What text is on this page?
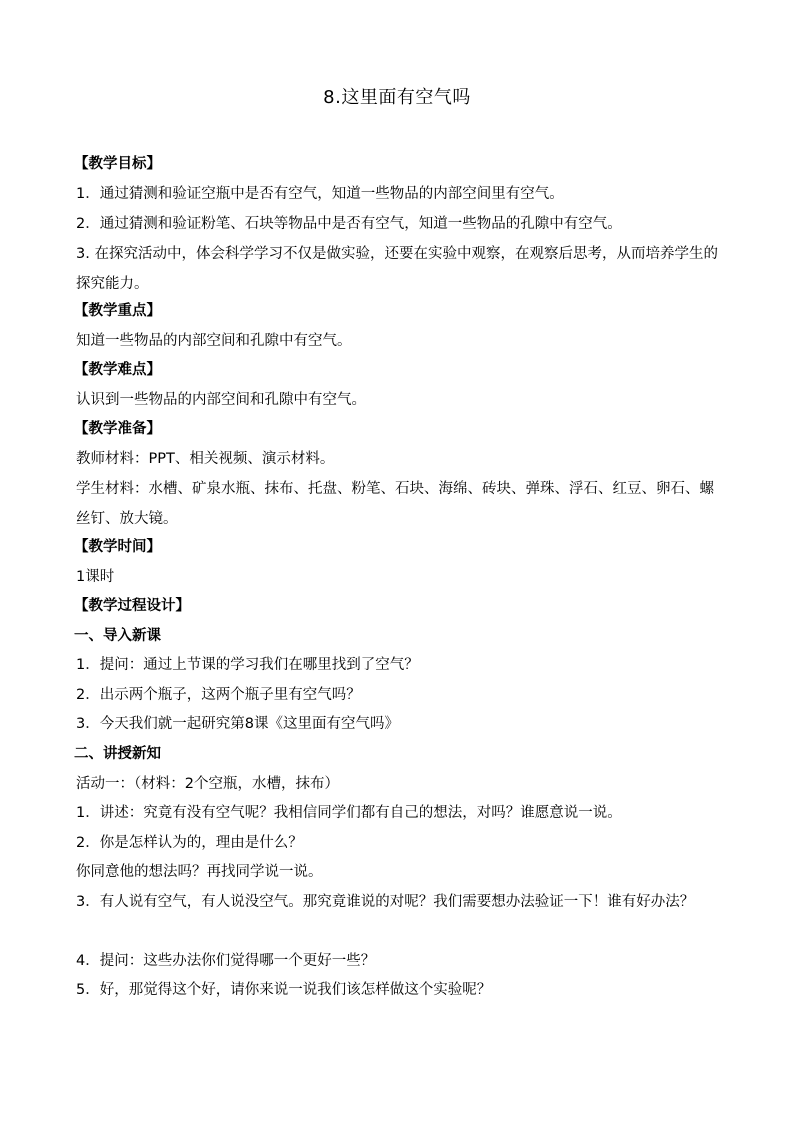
8.这里面有空气吗
【教学目标】
1．通过猜测和验证空瓶中是否有空气，知道一些物品的内部空间里有空气。
2．通过猜测和验证粉笔、石块等物品中是否有空气，知道一些物品的孔隙中有空气。
3. 在探究活动中，体会科学学习不仅是做实验，还要在实验中观察，在观察后思考，从而培养学生的探究能力。
【教学重点】
知道一些物品的内部空间和孔隙中有空气。
【教学难点】
认识到一些物品的内部空间和孔隙中有空气。
【教学准备】
教师材料：PPT、相关视频、演示材料。
学生材料：水槽、矿泉水瓶、抹布、托盘、粉笔、石块、海绵、砖块、弹珠、浮石、红豆、卵石、螺丝钉、放大镜。
【教学时间】
1课时
【教学过程设计】
一、导入新课
1．提问：通过上节课的学习我们在哪里找到了空气？
2．出示两个瓶子，这两个瓶子里有空气吗？
3．今天我们就一起研究第8课《这里面有空气吗》
二、讲授新知
活动一：（材料：2个空瓶，水槽，抹布）
1．讲述：究竟有没有空气呢？我相信同学们都有自己的想法，对吗？谁愿意说一说。
2．你是怎样认为的，理由是什么？
你同意他的想法吗？再找同学说一说。
3．有人说有空气，有人说没空气。那究竟谁说的对呢？我们需要想办法验证一下！谁有好办法？
4．提问：这些办法你们觉得哪一个更好一些？
5．好，那觉得这个好，请你来说一说我们该怎样做这个实验呢？
